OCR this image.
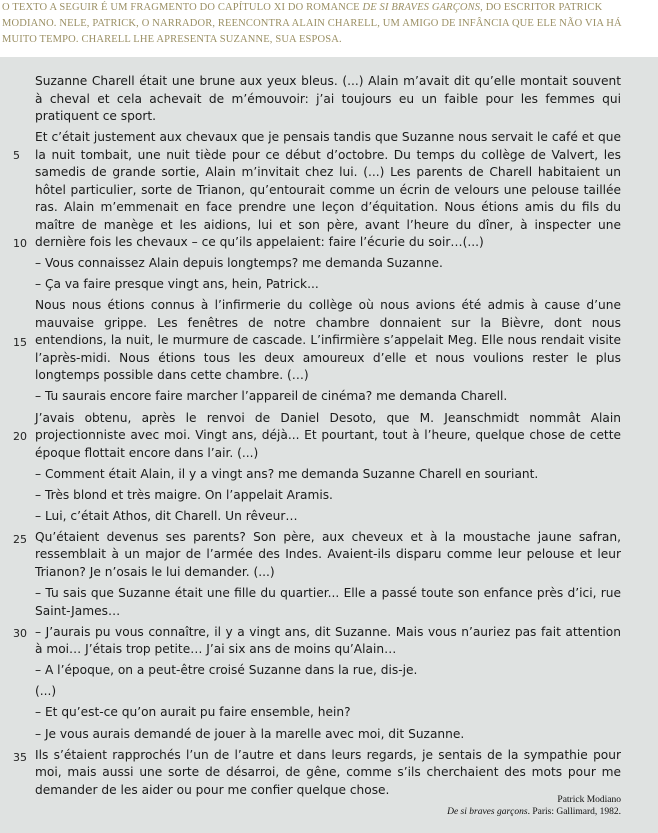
O TEXTO A SEGUIR É UM FRAGMENTO DO CAPÍTULO XI DO ROMANCE DE SI BRAVES GARÇONS, DO ESCRITOR PATRICK MODIANO. NELE, PATRICK, O NARRADOR, REENCONTRA ALAIN CHARELL, UM AMIGO DE INFÂNCIA QUE ELE NÃO VIA HÁ MUITO TEMPO. CHARELL LHE APRESENTA SUZANNE, SUA ESPOSA.
5
10
15
20
25
30
35

Suzanne Charell était une brune aux yeux bleus. (...) Alain m’avait dit qu’elle montait souvent à cheval et cela achevait de m’émouvoir: j’ai toujours eu un faible pour les femmes qui pratiquent ce sport.

Et c’était justement aux chevaux que je pensais tandis que Suzanne nous servait le café et que la nuit tombait, une nuit tiède pour ce début d’octobre. Du temps du collège de Valvert, les samedis de grande sortie, Alain m’invitait chez lui. (...) Les parents de Charell habitaient un hôtel particulier, sorte de Trianon, qu’entourait comme un écrin de velours une pelouse taillée ras. Alain m’emmenait en face prendre une leçon d’équitation. Nous étions amis du fils du maître de manège et les aidions, lui et son père, avant l’heure du dîner, à inspecter une dernière fois les chevaux – ce qu’ils appelaient: faire l’écurie du soir…(...)

– Vous connaissez Alain depuis longtemps? me demanda Suzanne.

– Ça va faire presque vingt ans, hein, Patrick...

Nous nous étions connus à l’infirmerie du collège où nous avions été admis à cause d’une mauvaise grippe. Les fenêtres de notre chambre donnaient sur la Bièvre, dont nous entendions, la nuit, le murmure de cascade. L’infirmière s’appelait Meg. Elle nous rendait visite l’après-midi. Nous étions tous les deux amoureux d’elle et nous voulions rester le plus longtemps possible dans cette chambre. (…)

– Tu saurais encore faire marcher l’appareil de cinéma? me demanda Charell.

J’avais obtenu, après le renvoi de Daniel Desoto, que M. Jeanschmidt nommât Alain projectionniste avec moi. Vingt ans, déjà... Et pourtant, tout à l’heure, quelque chose de cette époque flottait encore dans l’air. (...)

– Comment était Alain, il y a vingt ans? me demanda Suzanne Charell en souriant.

– Très blond et très maigre. On l’appelait Aramis.

– Lui, c’était Athos, dit Charell. Un rêveur…

Qu’étaient devenus ses parents? Son père, aux cheveux et à la moustache jaune safran, ressemblait à un major de l’armée des Indes. Avaient-ils disparu comme leur pelouse et leur Trianon? Je n’osais le lui demander. (...)

– Tu sais que Suzanne était une fille du quartier... Elle a passé toute son enfance près d’ici, rue Saint-James…

– J’aurais pu vous connaître, il y a vingt ans, dit Suzanne. Mais vous n’auriez pas fait attention à moi… J’étais trop petite… J’ai six ans de moins qu’Alain…

– A l’époque, on a peut-être croisé Suzanne dans la rue, dis-je.

(...)

– Et qu’est-ce qu’on aurait pu faire ensemble, hein?

– Je vous aurais demandé de jouer à la marelle avec moi, dit Suzanne.

Ils s’étaient rapprochés l’un de l’autre et dans leurs regards, je sentais de la sympathie pour moi, mais aussi une sorte de désarroi, de gêne, comme s’ils cherchaient des mots pour me demander de les aider ou pour me confier quelque chose.

Patrick Modiano
De si braves garçons. Paris: Gallimard, 1982.
